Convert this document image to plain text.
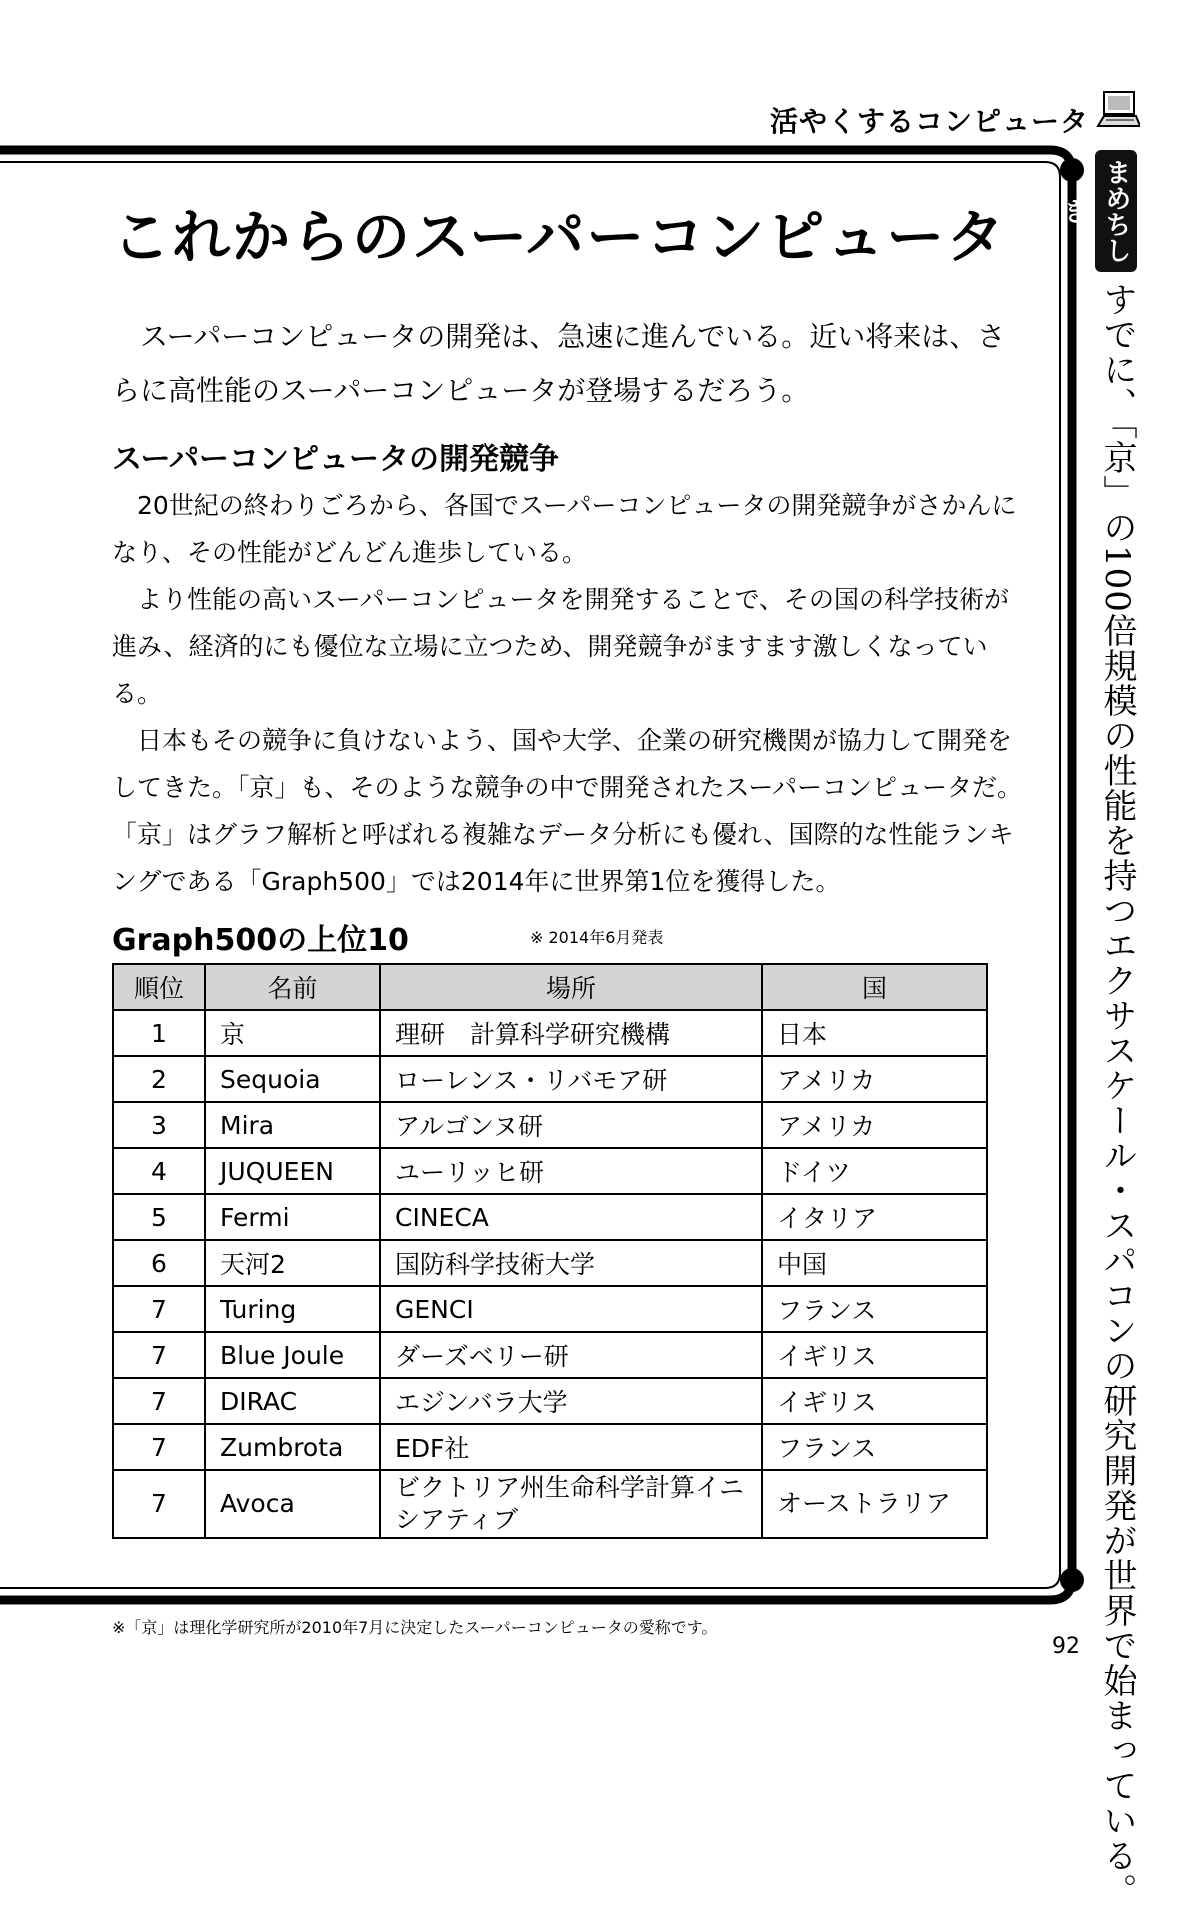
活やくするコンピュータ
まめちしき
すでに、「京」の100倍規模の性能を持つエクサスケール・スパコンの研究開発が世界で始まっている。
これからのスーパーコンピュータ
スーパーコンピュータの開発は、急速に進んでいる。近い将来は、さらに高性能のスーパーコンピュータが登場するだろう。
スーパーコンピュータの開発競争

20世紀の終わりごろから、各国でスーパーコンピュータの開発競争がさかんになり、その性能がどんどん進歩している。

より性能の高いスーパーコンピュータを開発することで、その国の科学技術が進み、経済的にも優位な立場に立つため、開発競争がますます激しくなっている。

日本もその競争に負けないよう、国や大学、企業の研究機関が協力して開発をしてきた。「京」も、そのような競争の中で開発されたスーパーコンピュータだ。「京」はグラフ解析と呼ばれる複雑なデータ分析にも優れ、国際的な性能ランキングである「Graph500」では2014年に世界第1位を獲得した。

Graph500の上位10	※ 2014年6月発表
順位	名前	場所	国
1	京	理研　計算科学研究機構	日本
2	Sequoia	ローレンス・リバモア研	アメリカ
3	Mira	アルゴンヌ研	アメリカ
4	JUQUEEN	ユーリッヒ研	ドイツ
5	Fermi	CINECA	イタリア
6	天河2	国防科学技術大学	中国
7	Turing	GENCI	フランス
7	Blue Joule	ダーズベリー研	イギリス
7	DIRAC	エジンバラ大学	イギリス
7	Zumbrota	EDF社	フランス
7	Avoca	ビクトリア州生命科学計算イニシアティブ	オーストラリア
※「京」は理化学研究所が2010年7月に決定したスーパーコンピュータの愛称です。
92
